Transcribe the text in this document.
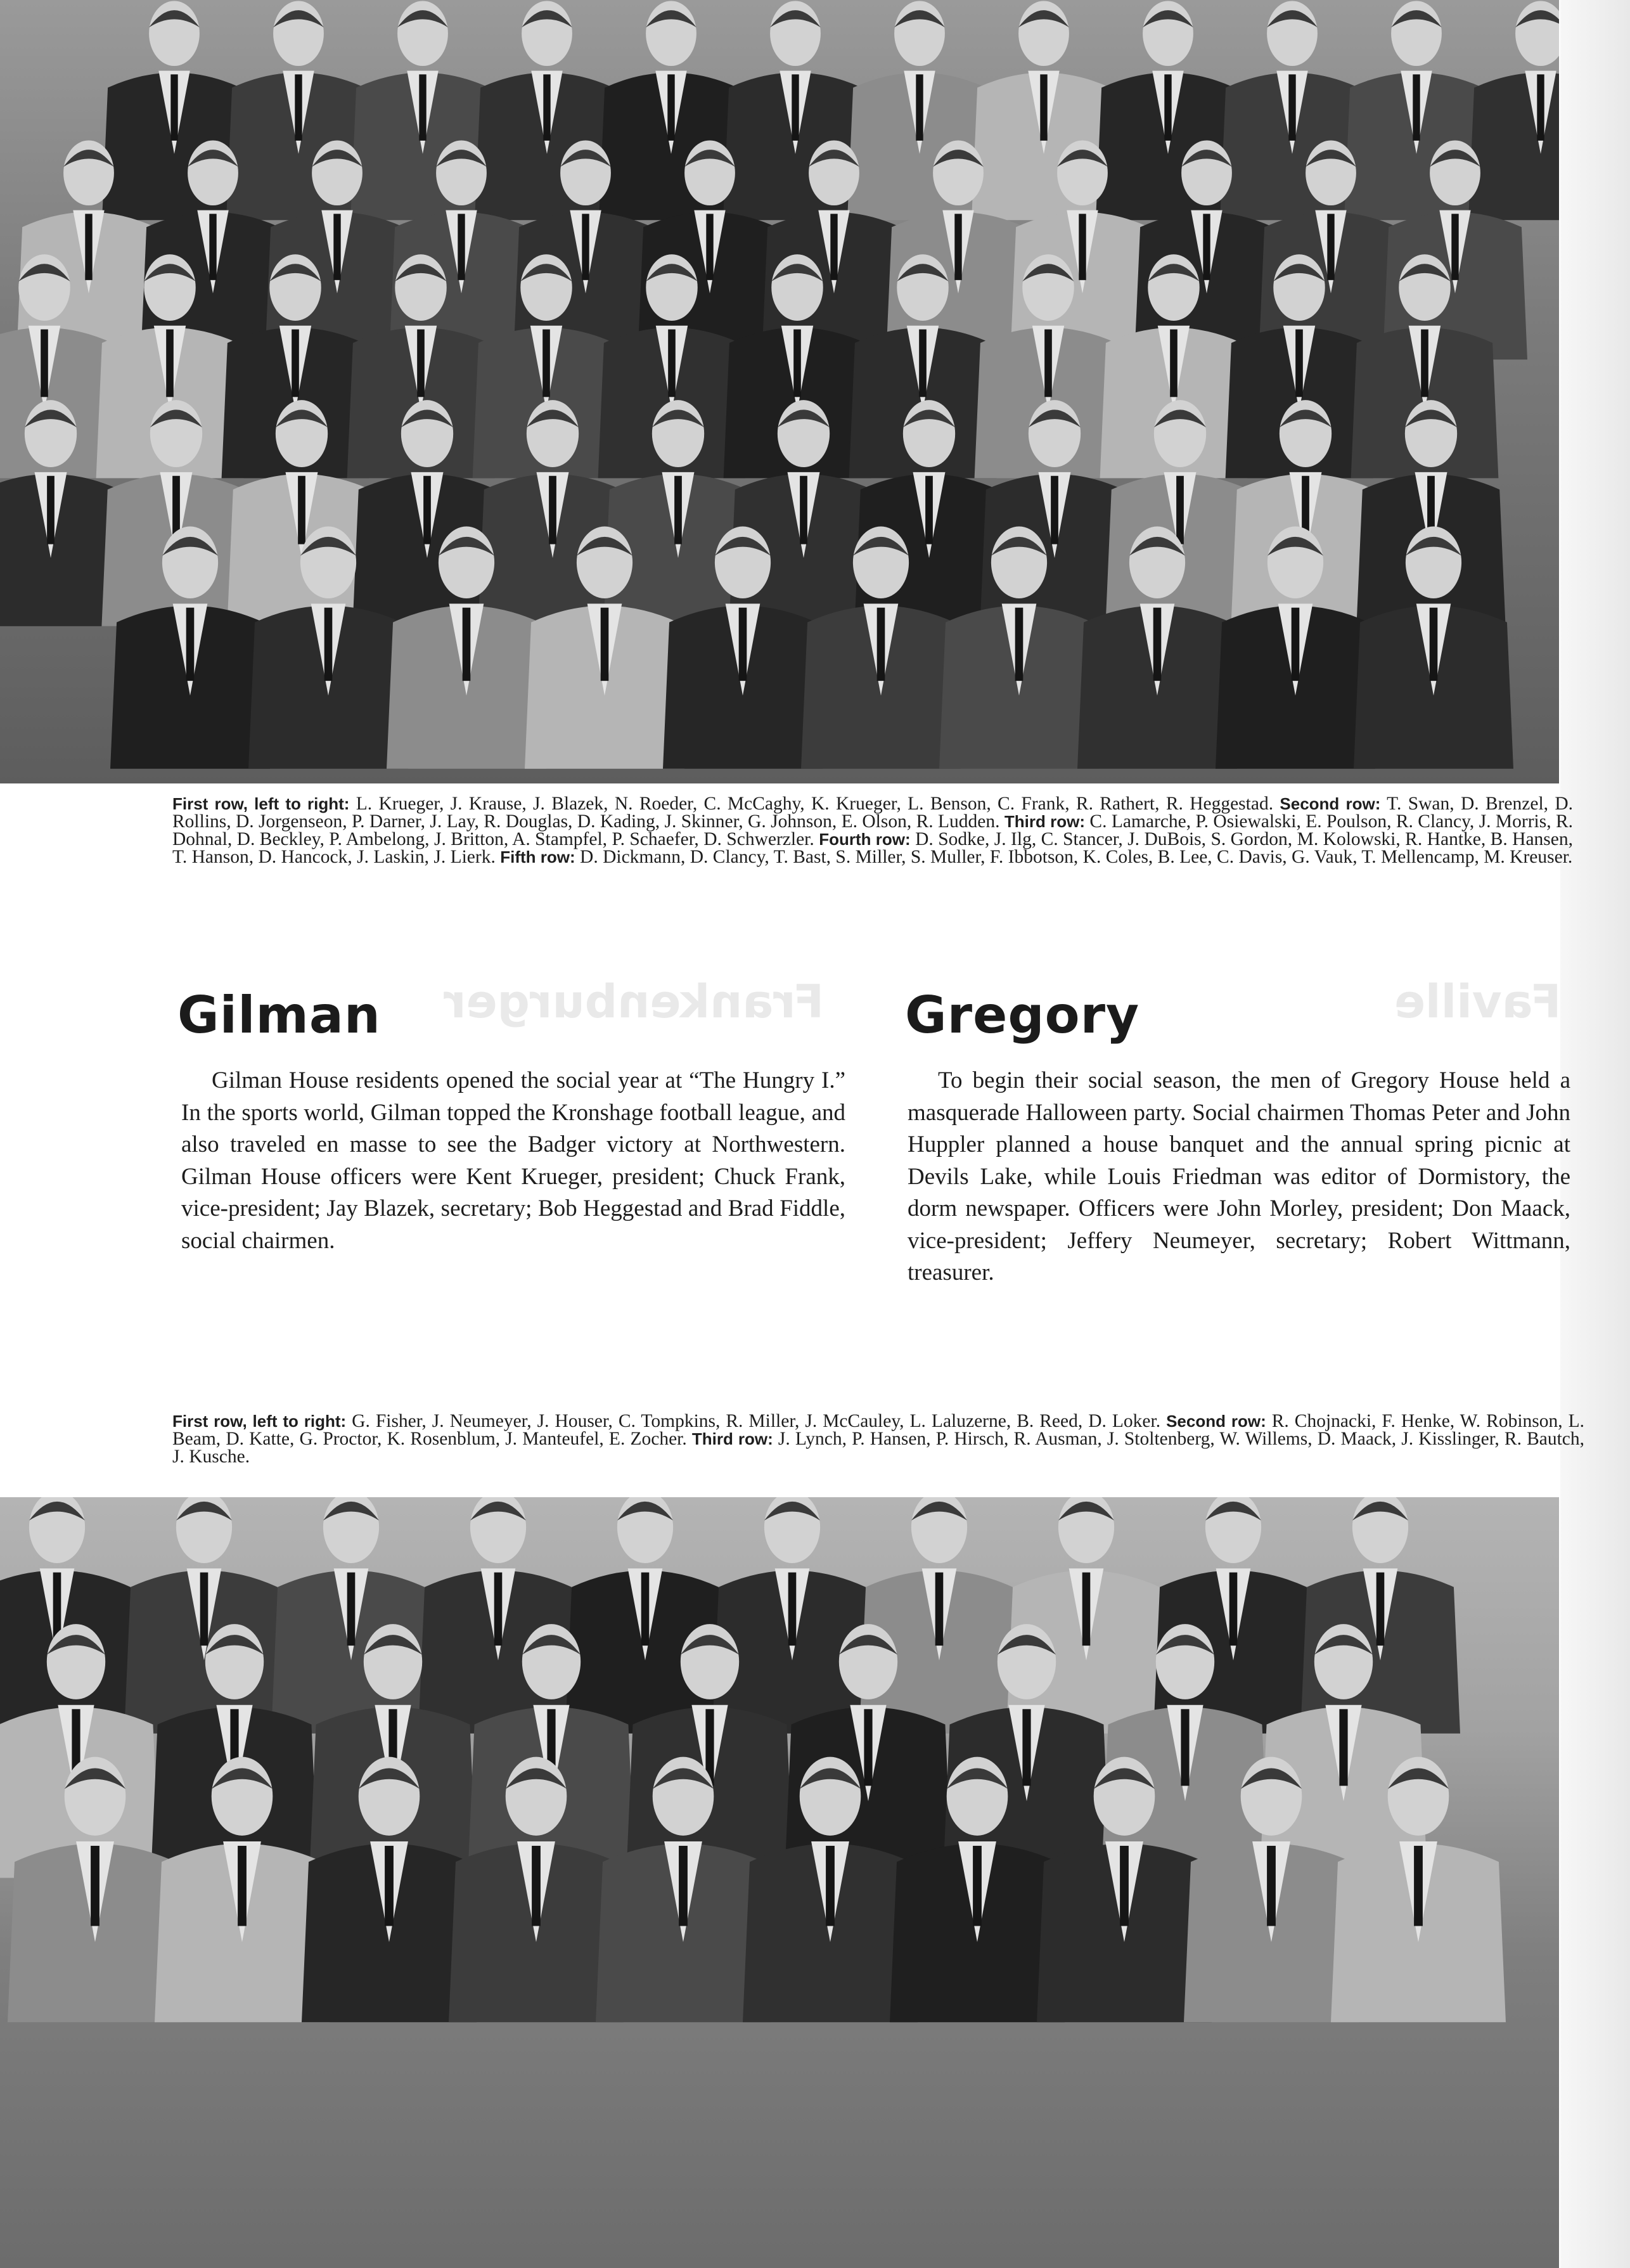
First row, left to right: L. Krueger, J. Krause, J. Blazek, N. Roeder, C. McCaghy, K. Krueger, L. Benson, C. Frank, R. Rathert, R. Heggestad. Second row: T. Swan, D. Brenzel, D. Rollins, D. Jorgenseon, P. Darner, J. Lay, R. Douglas, D. Kading, J. Skinner, G. Johnson, E. Olson, R. Ludden. Third row: C. Lamarche, P. Osiewalski, E. Poulson, R. Clancy, J. Morris, R. Dohnal, D. Beckley, P. Ambelong, J. Britton, A. Stampfel, P. Schaefer, D. Schwerzler. Fourth row: D. Sodke, J. Ilg, C. Stancer, J. DuBois, S. Gordon, M. Kolowski, R. Hantke, B. Hansen, T. Hanson, D. Hancock, J. Laskin, J. Lierk. Fifth row: D. Dickmann, D. Clancy, T. Bast, S. Miller, S. Muller, F. Ibbotson, K. Coles, B. Lee, C. Davis, G. Vauk, T. Mellencamp, M. Kreuser.
Frankenburger	Faville
Gilman	Gregory
Gilman House residents opened the social year at “The Hungry I.” In the sports world, Gilman topped the Kronshage football league, and also traveled en masse to see the Badger victory at Northwestern. Gilman House officers were Kent Krueger, president; Chuck Frank, vice-president; Jay Blazek, secretary; Bob Heggestad and Brad Fiddle, social chairmen.
To begin their social season, the men of Gregory House held a masquerade Halloween party. Social chairmen Thomas Peter and John Huppler planned a house banquet and the annual spring picnic at Devils Lake, while Louis Friedman was editor of Dormistory, the dorm newspaper. Officers were John Morley, president; Don Maack, vice-president; Jeffery Neumeyer, secretary; Robert Wittmann, treasurer.
First row, left to right: G. Fisher, J. Neumeyer, J. Houser, C. Tompkins, R. Miller, J. McCauley, L. Laluzerne, B. Reed, D. Loker. Second row: R. Chojnacki, F. Henke, W. Robinson, L. Beam, D. Katte, G. Proctor, K. Rosenblum, J. Manteufel, E. Zocher. Third row: J. Lynch, P. Hansen, P. Hirsch, R. Ausman, J. Stoltenberg, W. Willems, D. Maack, J. Kisslinger, R. Bautch, J. Kusche.
